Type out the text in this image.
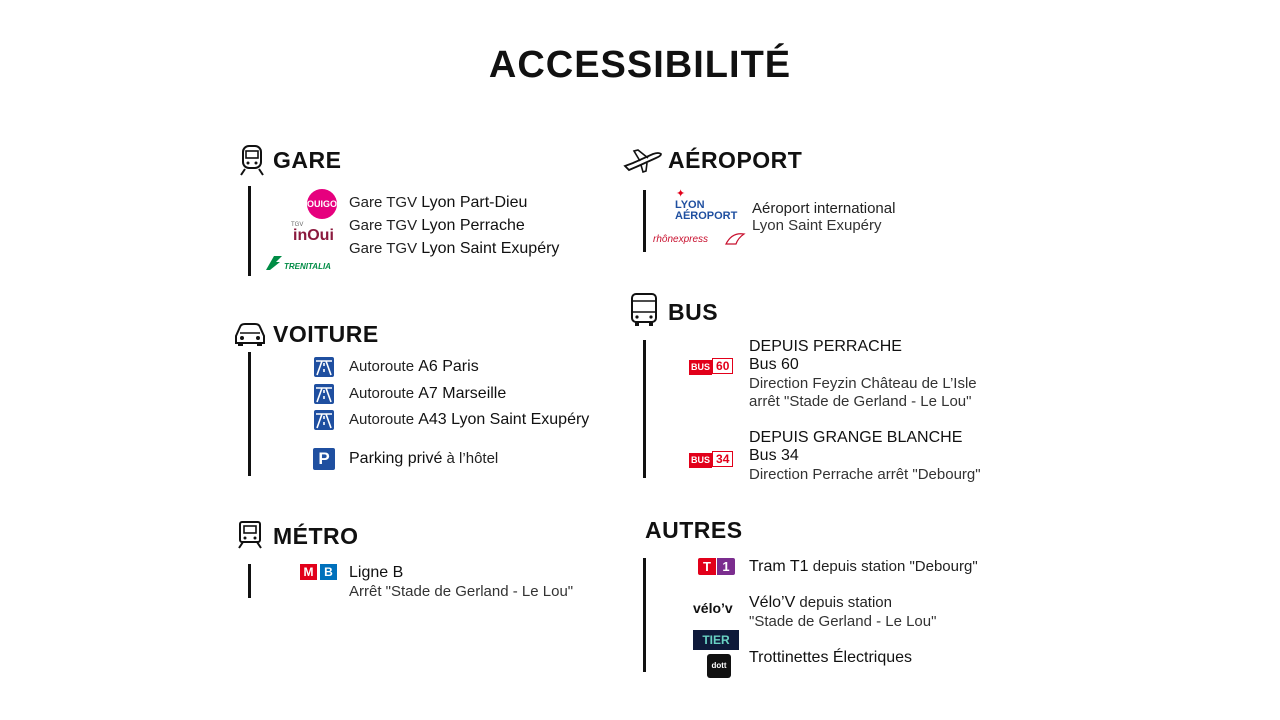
ACCESSIBILITÉ
GARE
OUIGO
TGV
inOui
TRENITALIA
Gare TGV Lyon Part-Dieu
Gare TGV Lyon Perrache
Gare TGV Lyon Saint Exupéry
VOITURE
Autoroute A6 Paris
Autoroute A7 Marseille
Autoroute A43 Lyon Saint Exupéry
P	Parking privé à l’hôtel
MÉTRO
M B Ligne B
Arrêt "Stade de Gerland - Le Lou"
AÉROPORT
✦
LYON
AÉROPORT
rhônexpress
Aéroport international
Lyon Saint Exupéry
BUS
DEPUIS PERRACHE
BUS 60 Bus 60
Direction Feyzin Château de L’Isle
arrêt "Stade de Gerland - Le Lou"
DEPUIS GRANGE BLANCHE
BUS 34 Bus 34
Direction Perrache arrêt "Debourg"
AUTRES
T 1	Tram T1 depuis station "Debourg"
vélo’v Vélo’V depuis station
"Stade de Gerland - Le Lou"
TIER
dott Trottinettes Électriques
